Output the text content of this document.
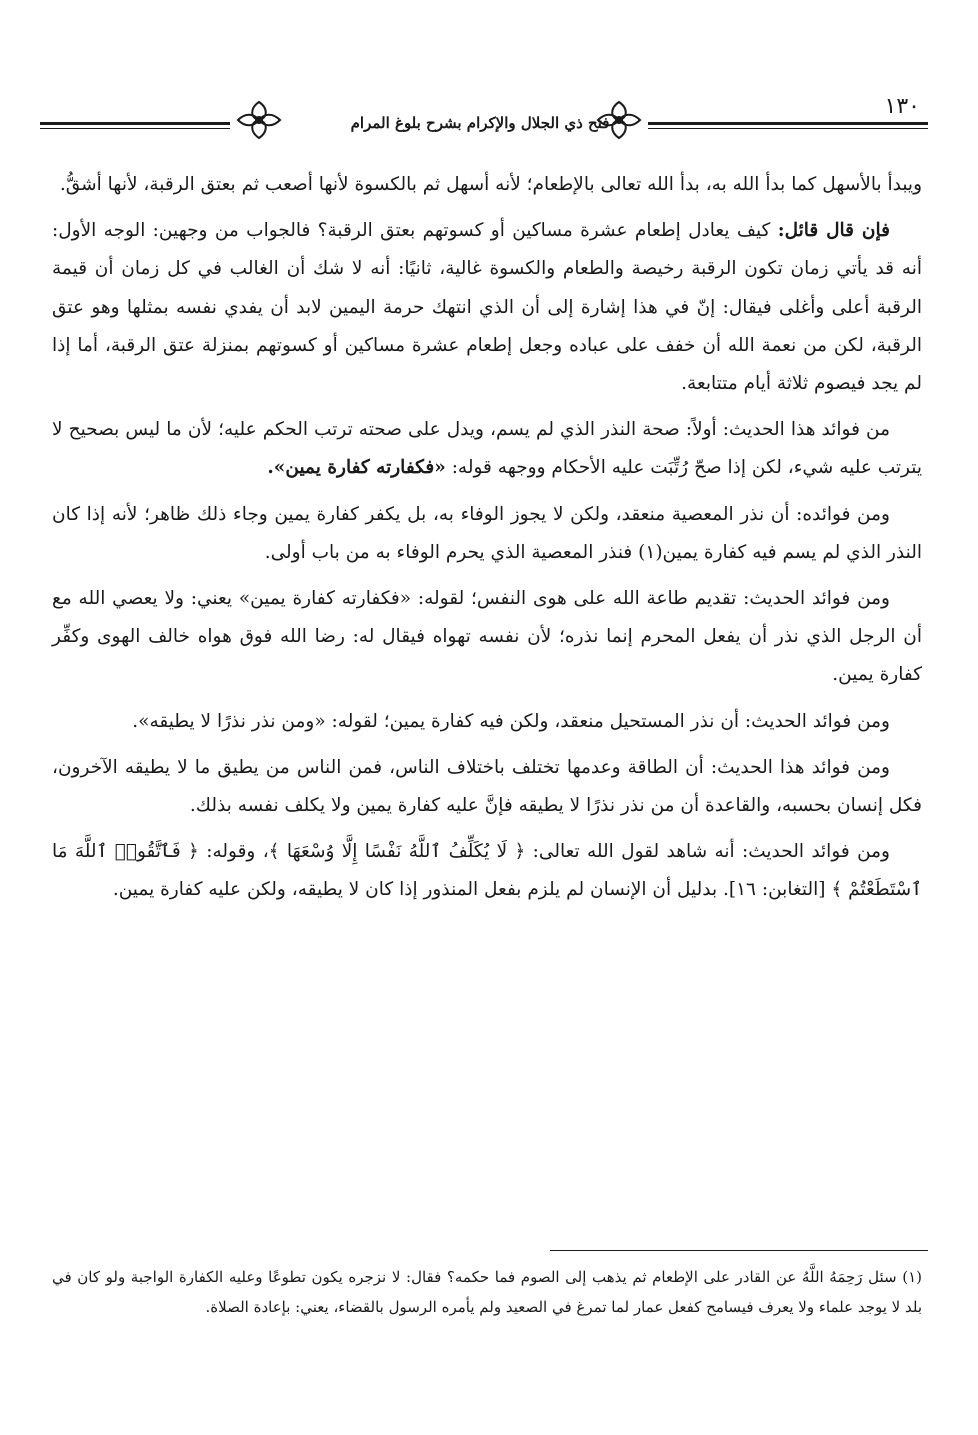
فتح ذي الجلال والإكرام بشرح بلوغ المرام
١٣٠

ويبدأ بالأسهل كما بدأ الله به، بدأ الله تعالى بالإطعام؛ لأنه أسهل ثم بالكسوة لأنها أصعب ثم بعتق الرقبة، لأنها أشقُّ.

فإن قال قائل: كيف يعادل إطعام عشرة مساكين أو كسوتهم بعتق الرقبة؟ فالجواب من وجهين: الوجه الأول: أنه قد يأتي زمان تكون الرقبة رخيصة والطعام والكسوة غالية، ثانيًا: أنه لا شك أن الغالب في كل زمان أن قيمة الرقبة أعلى وأغلى فيقال: إنّ في هذا إشارة إلى أن الذي انتهك حرمة اليمين لابد أن يفدي نفسه بمثلها وهو عتق الرقبة، لكن من نعمة الله أن خفف على عباده وجعل إطعام عشرة مساكين أو كسوتهم بمنزلة عتق الرقبة، أما إذا لم يجد فيصوم ثلاثة أيام متتابعة.

من فوائد هذا الحديث: أولاً: صحة النذر الذي لم يسم، ويدل على صحته ترتب الحكم عليه؛ لأن ما ليس بصحيح لا يترتب عليه شيء، لكن إذا صحّ رُتِّبَت عليه الأحكام ووجهه قوله: «فكفارته كفارة يمين».

ومن فوائده: أن نذر المعصية منعقد، ولكن لا يجوز الوفاء به، بل يكفر كفارة يمين وجاء ذلك ظاهر؛ لأنه إذا كان النذر الذي لم يسم فيه كفارة يمين(١) فنذر المعصية الذي يحرم الوفاء به من باب أولى.

ومن فوائد الحديث: تقديم طاعة الله على هوى النفس؛ لقوله: «فكفارته كفارة يمين» يعني: ولا يعصي الله مع أن الرجل الذي نذر أن يفعل المحرم إنما نذره؛ لأن نفسه تهواه فيقال له: رضا الله فوق هواه خالف الهوى وكفِّر كفارة يمين.

ومن فوائد الحديث: أن نذر المستحيل منعقد، ولكن فيه كفارة يمين؛ لقوله: «ومن نذر نذرًا لا يطيقه».

ومن فوائد هذا الحديث: أن الطاقة وعدمها تختلف باختلاف الناس، فمن الناس من يطيق ما لا يطيقه الآخرون، فكل إنسان بحسبه، والقاعدة أن من نذر نذرًا لا يطيقه فإنَّ عليه كفارة يمين ولا يكلف نفسه بذلك.

ومن فوائد الحديث: أنه شاهد لقول الله تعالى: ﴿ لَا يُكَلِّفُ ٱللَّهُ نَفْسًا إِلَّا وُسْعَهَا ﴾، وقوله: ﴿ فَٱتَّقُوا۟ ٱللَّهَ مَا ٱسْتَطَعْتُمْ ﴾ [التغابن: ١٦]. بدليل أن الإنسان لم يلزم بفعل المنذور إذا كان لا يطيقه، ولكن عليه كفارة يمين.

(١) سئل رَحِمَهُ اللَّهُ عن القادر على الإطعام ثم يذهب إلى الصوم فما حكمه؟ فقال: لا نزجره يكون تطوعًا وعليه الكفارة الواجبة ولو كان في بلد لا يوجد علماء ولا يعرف فيسامح كفعل عمار لما تمرغ في الصعيد ولم يأمره الرسول بالقضاء، يعني: بإعادة الصلاة.
